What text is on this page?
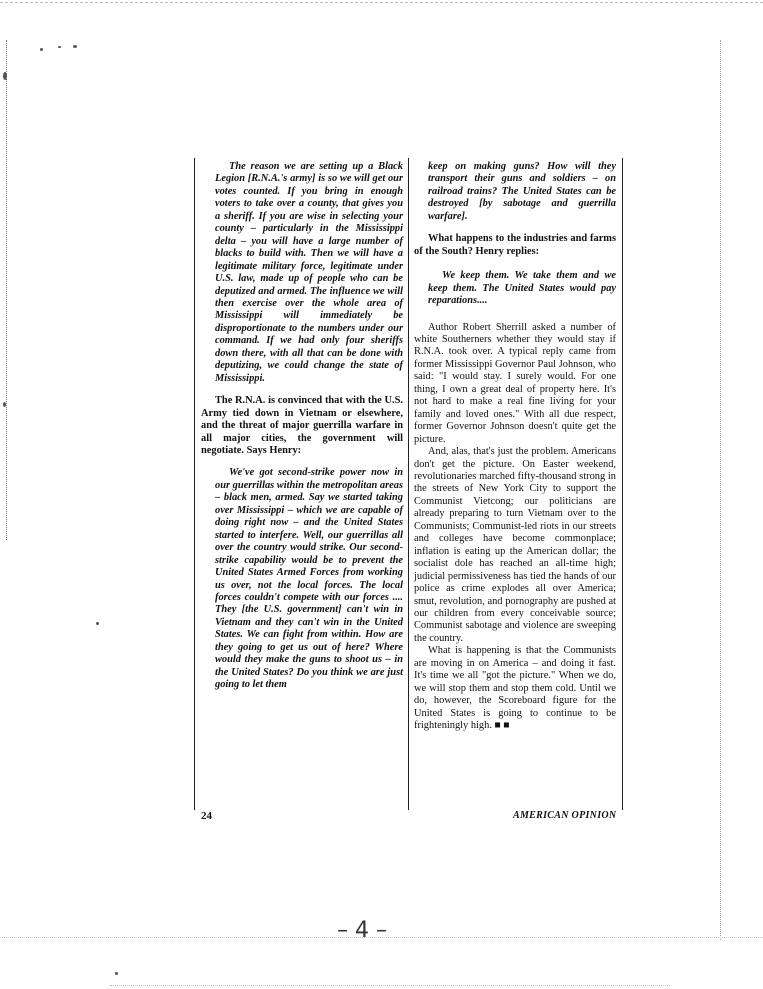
The reason we are setting up a Black Legion [R.N.A.'s army] is so we will get our votes counted. If you bring in enough voters to take over a county, that gives you a sheriff. If you are wise in selecting your county – particularly in the Mississippi delta – you will have a large number of blacks to build with. Then we will have a legitimate military force, legitimate under U.S. law, made up of people who can be deputized and armed. The influence we will then exercise over the whole area of Mississippi will immediately be disproportionate to the numbers under our command. If we had only four sheriffs down there, with all that can be done with deputizing, we could change the state of Mississippi.

The R.N.A. is convinced that with the U.S. Army tied down in Vietnam or elsewhere, and the threat of major guerrilla warfare in all major cities, the government will negotiate. Says Henry:

We've got second-strike power now in our guerrillas within the metropolitan areas – black men, armed. Say we started taking over Mississippi – which we are capable of doing right now – and the United States started to interfere. Well, our guerrillas all over the country would strike. Our second-strike capability would be to prevent the United States Armed Forces from working us over, not the local forces. The local forces couldn't compete with our forces .... They [the U.S. government] can't win in Vietnam and they can't win in the United States. We can fight from within. How are they going to get us out of here? Where would they make the guns to shoot us – in the United States? Do you think we are just going to let them

keep on making guns? How will they transport their guns and soldiers – on railroad trains? The United States can be destroyed [by sabotage and guerrilla warfare].

What happens to the industries and farms of the South? Henry replies:

We keep them. We take them and we keep them. The United States would pay reparations....

Author Robert Sherrill asked a number of white Southerners whether they would stay if R.N.A. took over. A typical reply came from former Mississippi Governor Paul Johnson, who said: "I would stay. I surely would. For one thing, I own a great deal of property here. It's not hard to make a real fine living for your family and loved ones." With all due respect, former Governor Johnson doesn't quite get the picture.

And, alas, that's just the problem. Americans don't get the picture. On Easter weekend, revolutionaries marched fifty-thousand strong in the streets of New York City to support the Communist Vietcong; our politicians are already preparing to turn Vietnam over to the Communists; Communist-led riots in our streets and colleges have become commonplace; inflation is eating up the American dollar; the socialist dole has reached an all-time high; judicial permissiveness has tied the hands of our police as crime explodes all over America; smut, revolution, and pornography are pushed at our children from every conceivable source; Communist sabotage and violence are sweeping the country.

What is happening is that the Communists are moving in on America – and doing it fast. It's time we all "got the picture." When we do, we will stop them and stop them cold. Until we do, however, the Scoreboard figure for the United States is going to continue to be frighteningly high. ■ ■

24	AMERICAN OPINION
– 4 –
